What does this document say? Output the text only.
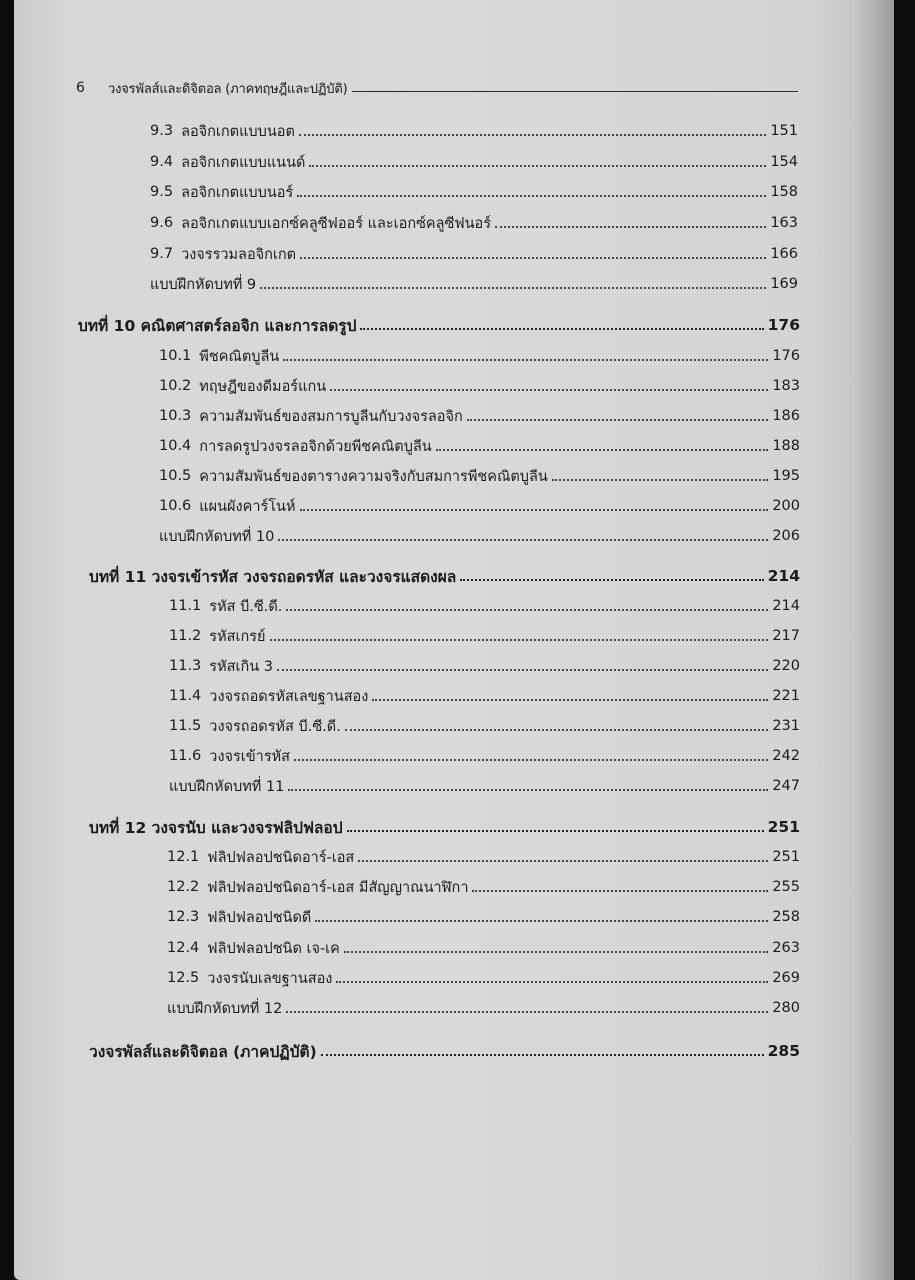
6	วงจรพัลส์และดิจิตอล (ภาคทฤษฎีและปฏิบัติ)
9.3 ลอจิกเกตแบบนอต	151
9.4 ลอจิกเกตแบบแนนด์	154
9.5 ลอจิกเกตแบบนอร์	158
9.6 ลอจิกเกตแบบเอกซ์คลูซีฟออร์ และเอกซ์คลูซีฟนอร์	163
9.7 วงจรรวมลอจิกเกต	166
แบบฝึกหัดบทที่ 9	169
บทที่ 10 คณิตศาสตร์ลอจิก และการลดรูป	176
10.1 พีชคณิตบูลีน	176
10.2 ทฤษฎีของดีมอร์แกน	183
10.3 ความสัมพันธ์ของสมการบูลีนกับวงจรลอจิก	186
10.4 การลดรูปวงจรลอจิกด้วยพีชคณิตบูลีน	188
10.5 ความสัมพันธ์ของตารางความจริงกับสมการพีชคณิตบูลีน	195
10.6 แผนผังคาร์โนห์	200
แบบฝึกหัดบทที่ 10	206
บทที่ 11 วงจรเข้ารหัส วงจรถอดรหัส และวงจรแสดงผล	214
11.1 รหัส บี.ซี.ดี.	214
11.2 รหัสเกรย์	217
11.3 รหัสเกิน 3	220
11.4 วงจรถอดรหัสเลขฐานสอง	221
11.5 วงจรถอดรหัส บี.ซี.ดี.	231
11.6 วงจรเข้ารหัส	242
แบบฝึกหัดบทที่ 11	247
บทที่ 12 วงจรนับ และวงจรฟลิปฟลอป	251
12.1 ฟลิปฟลอปชนิดอาร์-เอส	251
12.2 ฟลิปฟลอปชนิดอาร์-เอส มีสัญญาณนาฬิกา	255
12.3 ฟลิปฟลอปชนิดดี	258
12.4 ฟลิปฟลอปชนิด เจ-เค	263
12.5 วงจรนับเลขฐานสอง	269
แบบฝึกหัดบทที่ 12	280
วงจรพัลส์และดิจิตอล (ภาคปฏิบัติ)	285
